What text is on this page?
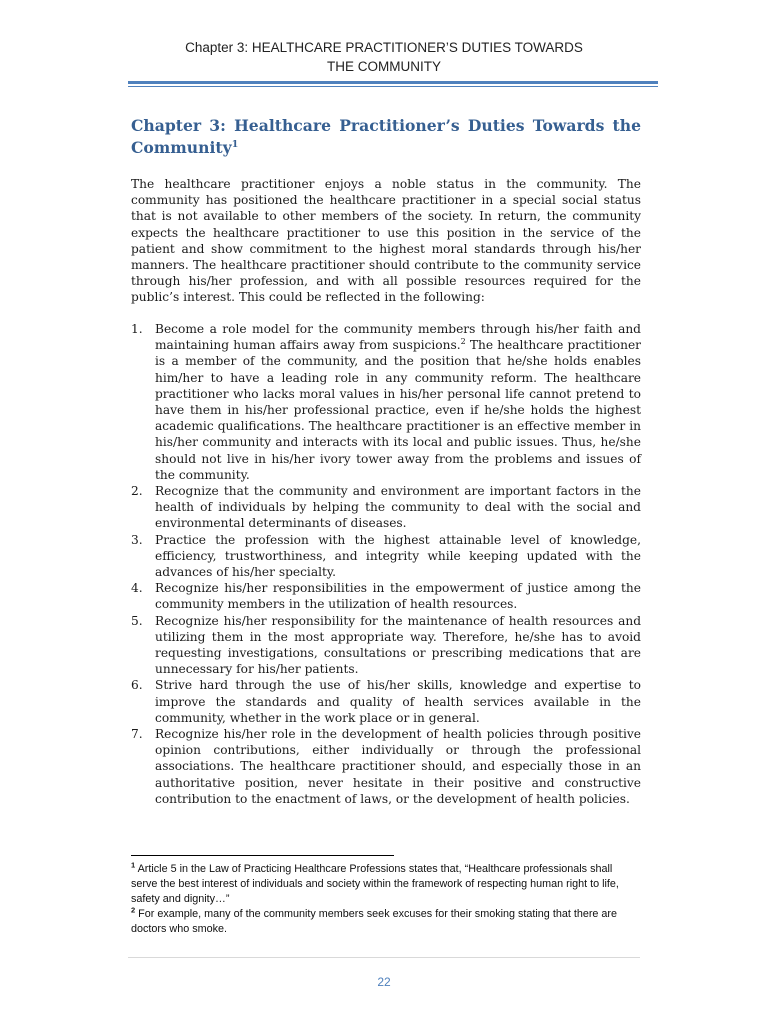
Chapter 3: HEALTHCARE PRACTITIONER’S DUTIES TOWARDS
THE COMMUNITY
Chapter 3: Healthcare Practitioner’s Duties Towards the Community$^1$

The healthcare practitioner enjoys a noble status in the community. The community has positioned the healthcare practitioner in a special social status that is not available to other members of the society. In return, the community expects the healthcare practitioner to use this position in the service of the patient and show commitment to the highest moral standards through his/her manners. The healthcare practitioner should contribute to the community service through his/her profession, and with all possible resources required for the public’s interest. This could be reflected in the following:

1. Become a role model for the community members through his/her faith and maintaining human affairs away from suspicions.$^2$ The healthcare practitioner is a member of the community, and the position that he/she holds enables him/her to have a leading role in any community reform. The healthcare practitioner who lacks moral values in his/her personal life cannot pretend to have them in his/her professional practice, even if he/she holds the highest academic qualifications. The healthcare practitioner is an effective member in his/her community and interacts with its local and public issues. Thus, he/she should not live in his/her ivory tower away from the problems and issues of the community.
2. Recognize that the community and environment are important factors in the health of individuals by helping the community to deal with the social and environmental determinants of diseases.
3. Practice the profession with the highest attainable level of knowledge, efficiency, trustworthiness, and integrity while keeping updated with the advances of his/her specialty.
4. Recognize his/her responsibilities in the empowerment of justice among the community members in the utilization of health resources.
5. Recognize his/her responsibility for the maintenance of health resources and utilizing them in the most appropriate way. Therefore, he/she has to avoid requesting investigations, consultations or prescribing medications that are unnecessary for his/her patients.
6. Strive hard through the use of his/her skills, knowledge and expertise to improve the standards and quality of health services available in the community, whether in the work place or in general.
7. Recognize his/her role in the development of health policies through positive opinion contributions, either individually or through the professional associations. The healthcare practitioner should, and especially those in an authoritative position, never hesitate in their positive and constructive contribution to the enactment of laws, or the development of health policies.

$^1$ Article 5 in the Law of Practicing Healthcare Professions states that, “Healthcare professionals shall serve the best interest of individuals and society within the framework of respecting human right to life, safety and dignity…”

$^2$ For example, many of the community members seek excuses for their smoking stating that there are doctors who smoke.

22
